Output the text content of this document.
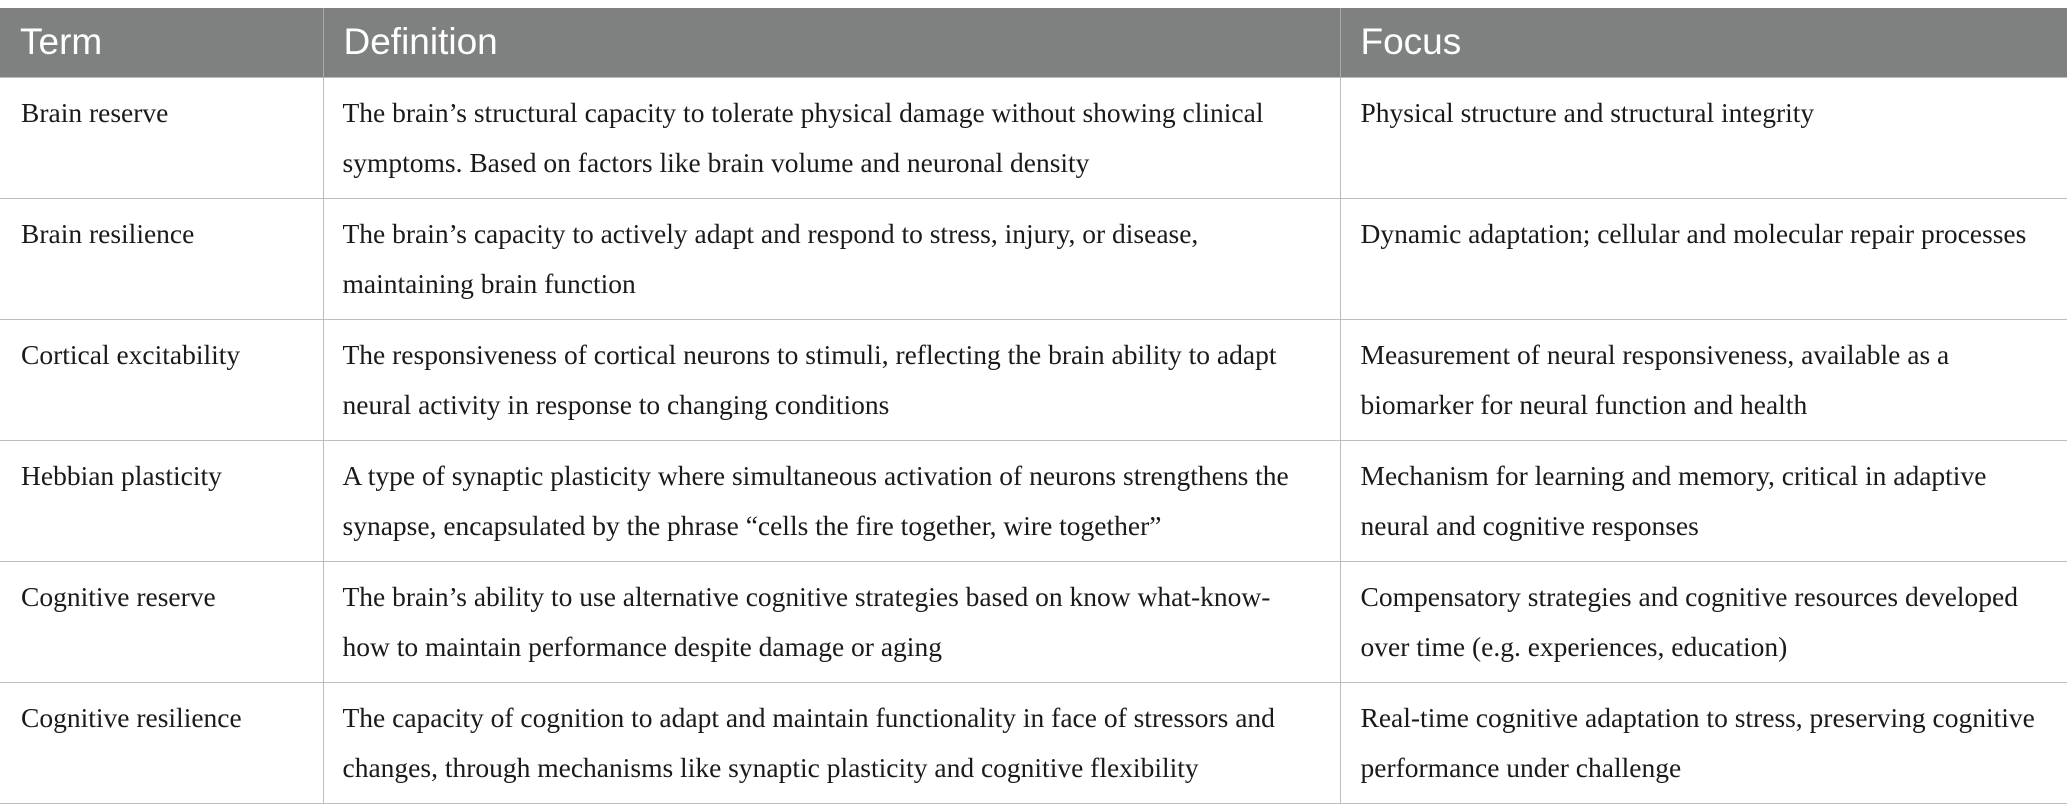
Term	Definition	Focus
Brain reserve	The brain’s structural capacity to tolerate physical damage without showing clinical symptoms. Based on factors like brain volume and neuronal density	Physical structure and structural integrity
Brain resilience	The brain’s capacity to actively adapt and respond to stress, injury, or disease, maintaining brain function	Dynamic adaptation; cellular and molecular repair processes
Cortical excitability	The responsiveness of cortical neurons to stimuli, reflecting the brain ability to adapt neural activity in response to changing conditions	Measurement of neural responsiveness, available as a biomarker for neural function and health
Hebbian plasticity	A type of synaptic plasticity where simultaneous activation of neurons strengthens the synapse, encapsulated by the phrase “cells the fire together, wire together”	Mechanism for learning and memory, critical in adaptive neural and cognitive responses
Cognitive reserve	The brain’s ability to use alternative cognitive strategies based on know what-know-how to maintain performance despite damage or aging	Compensatory strategies and cognitive resources developed over time (e.g. experiences, education)
Cognitive resilience	The capacity of cognition to adapt and maintain functionality in face of stressors and changes, through mechanisms like synaptic plasticity and cognitive flexibility	Real-time cognitive adaptation to stress, preserving cognitive performance under challenge
